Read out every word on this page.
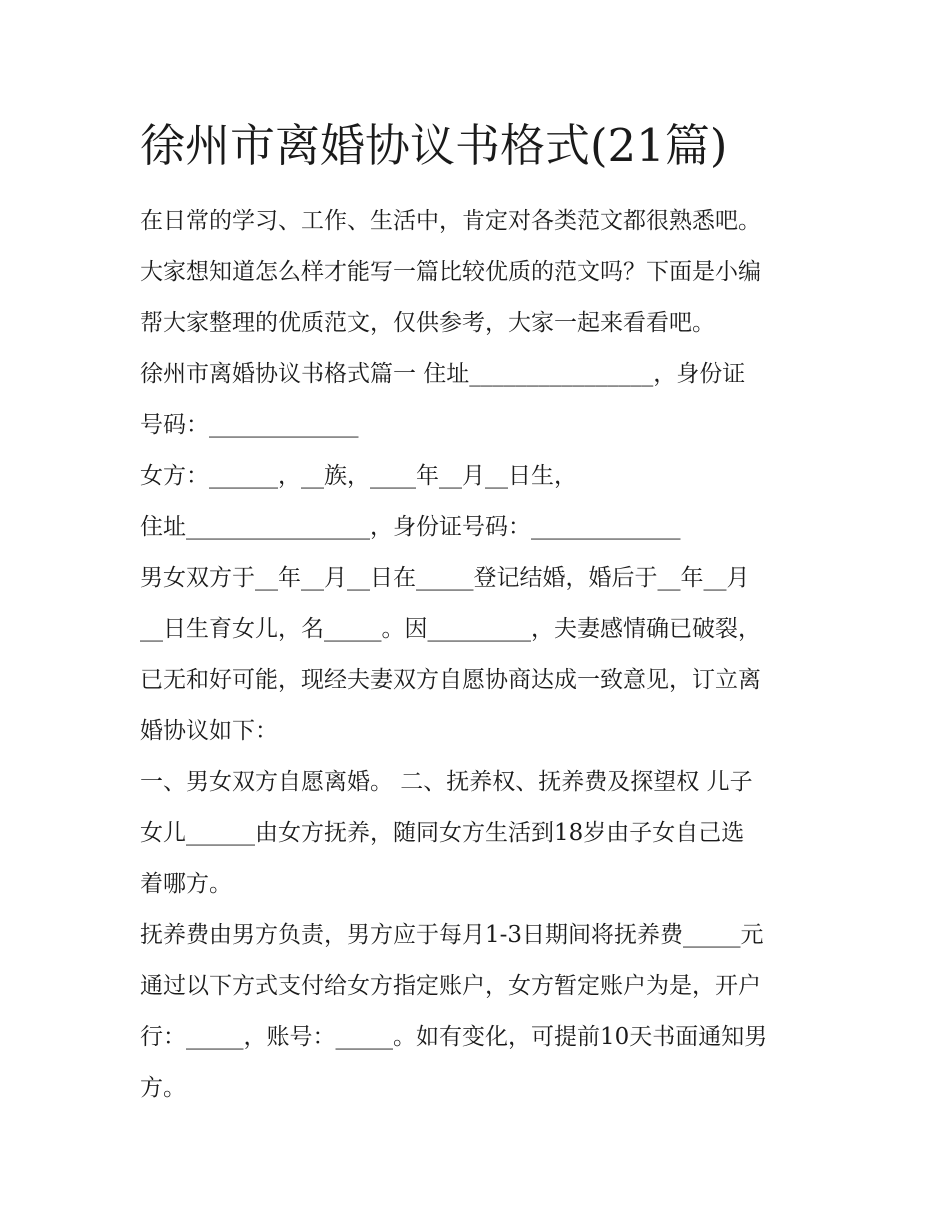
徐州市离婚协议书格式(21篇)

在日常的学习、工作、生活中，肯定对各类范文都很熟悉吧。

大家想知道怎么样才能写一篇比较优质的范文吗？下面是小编

帮大家整理的优质范文，仅供参考，大家一起来看看吧。

徐州市离婚协议书格式篇一 住址________________，身份证

号码：_____________

女方：______，__族，____年__月__日生，

住址________________，身份证号码：_____________

男女双方于__年__月__日在_____登记结婚，婚后于__年__月

__日生育女儿，名_____。因_________，夫妻感情确已破裂，

已无和好可能，现经夫妻双方自愿协商达成一致意见，订立离

婚协议如下：

一、男女双方自愿离婚。 二、抚养权、抚养费及探望权 儿子

女儿______由女方抚养，随同女方生活到18岁由子女自己选

着哪方。

抚养费由男方负责，男方应于每月1-3日期间将抚养费_____元

通过以下方式支付给女方指定账户，女方暂定账户为是，开户

行：_____，账号：_____。如有变化，可提前10天书面通知男

方。
